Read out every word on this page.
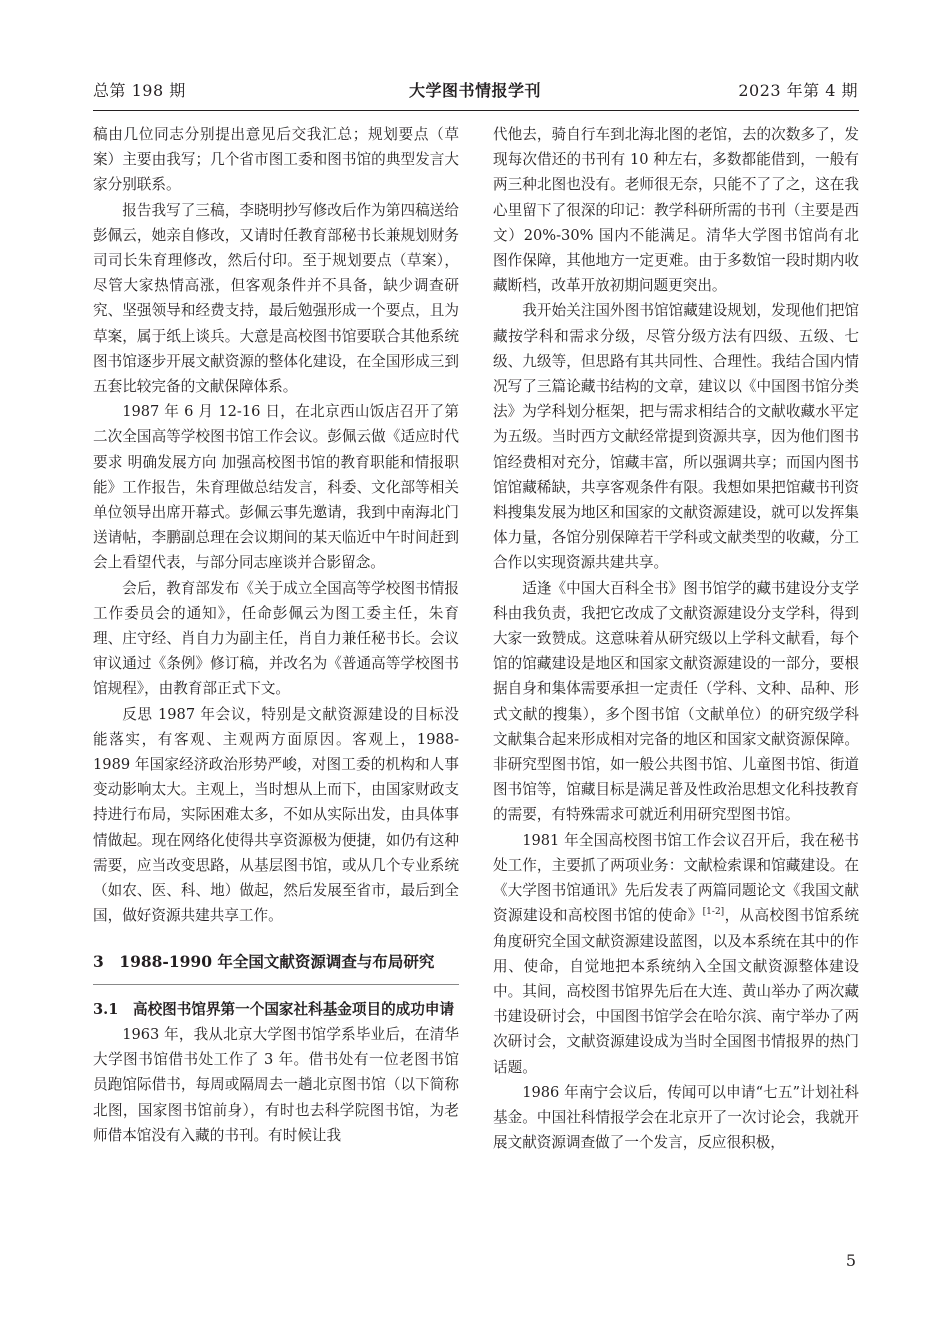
总第 198 期	大学图书情报学刊	2023 年第 4 期

稿由几位同志分别提出意见后交我汇总；规划要点（草案）主要由我写；几个省市图工委和图书馆的典型发言大家分别联系。

报告我写了三稿，李晓明抄写修改后作为第四稿送给彭佩云，她亲自修改，又请时任教育部秘书长兼规划财务司司长朱育理修改，然后付印。至于规划要点（草案），尽管大家热情高涨，但客观条件并不具备，缺少调查研究、坚强领导和经费支持，最后勉强形成一个要点，且为草案，属于纸上谈兵。大意是高校图书馆要联合其他系统图书馆逐步开展文献资源的整体化建设，在全国形成三到五套比较完备的文献保障体系。

1987 年 6 月 12-16 日，在北京西山饭店召开了第二次全国高等学校图书馆工作会议。彭佩云做《适应时代要求 明确发展方向 加强高校图书馆的教育职能和情报职能》工作报告，朱育理做总结发言，科委、文化部等相关单位领导出席开幕式。彭佩云事先邀请，我到中南海北门送请帖，李鹏副总理在会议期间的某天临近中午时间赶到会上看望代表，与部分同志座谈并合影留念。

会后，教育部发布《关于成立全国高等学校图书情报工作委员会的通知》，任命彭佩云为图工委主任，朱育理、庄守经、肖自力为副主任，肖自力兼任秘书长。会议审议通过《条例》修订稿，并改名为《普通高等学校图书馆规程》，由教育部正式下文。

反思 1987 年会议，特别是文献资源建设的目标没能落实，有客观、主观两方面原因。客观上，1988-1989 年国家经济政治形势严峻，对图工委的机构和人事变动影响太大。主观上，当时想从上而下，由国家财政支持进行布局，实际困难太多，不如从实际出发，由具体事情做起。现在网络化使得共享资源极为便捷，如仍有这种需要，应当改变思路，从基层图书馆，或从几个专业系统（如农、医、科、地）做起，然后发展至省市，最后到全国，做好资源共建共享工作。

3　1988-1990 年全国文献资源调查与布局研究
3.1　高校图书馆界第一个国家社科基金项目的成功申请

1963 年，我从北京大学图书馆学系毕业后，在清华大学图书馆借书处工作了 3 年。借书处有一位老图书馆员跑馆际借书，每周或隔周去一趟北京图书馆（以下简称北图，国家图书馆前身），有时也去科学院图书馆，为老师借本馆没有入藏的书刊。有时候让我

代他去，骑自行车到北海北图的老馆，去的次数多了，发现每次借还的书刊有 10 种左右，多数都能借到，一般有两三种北图也没有。老师很无奈，只能不了了之，这在我心里留下了很深的印记：教学科研所需的书刊（主要是西文）20%-30% 国内不能满足。清华大学图书馆尚有北图作保障，其他地方一定更难。由于多数馆一段时期内收藏断档，改革开放初期问题更突出。

我开始关注国外图书馆馆藏建设规划，发现他们把馆藏按学科和需求分级，尽管分级方法有四级、五级、七级、九级等，但思路有其共同性、合理性。我结合国内情况写了三篇论藏书结构的文章，建议以《中国图书馆分类法》为学科划分框架，把与需求相结合的文献收藏水平定为五级。当时西方文献经常提到资源共享，因为他们图书馆经费相对充分，馆藏丰富，所以强调共享；而国内图书馆馆藏稀缺，共享客观条件有限。我想如果把馆藏书刊资料搜集发展为地区和国家的文献资源建设，就可以发挥集体力量，各馆分别保障若干学科或文献类型的收藏，分工合作以实现资源共建共享。

适逢《中国大百科全书》图书馆学的藏书建设分支学科由我负责，我把它改成了文献资源建设分支学科，得到大家一致赞成。这意味着从研究级以上学科文献看，每个馆的馆藏建设是地区和国家文献资源建设的一部分，要根据自身和集体需要承担一定责任（学科、文种、品种、形式文献的搜集），多个图书馆（文献单位）的研究级学科文献集合起来形成相对完备的地区和国家文献资源保障。非研究型图书馆，如一般公共图书馆、儿童图书馆、街道图书馆等，馆藏目标是满足普及性政治思想文化科技教育的需要，有特殊需求可就近利用研究型图书馆。

1981 年全国高校图书馆工作会议召开后，我在秘书处工作，主要抓了两项业务：文献检索课和馆藏建设。在《大学图书馆通讯》先后发表了两篇同题论文《我国文献资源建设和高校图书馆的使命》[1-2]，从高校图书馆系统角度研究全国文献资源建设蓝图，以及本系统在其中的作用、使命，自觉地把本系统纳入全国文献资源整体建设中。其间，高校图书馆界先后在大连、黄山举办了两次藏书建设研讨会，中国图书馆学会在哈尔滨、南宁举办了两次研讨会，文献资源建设成为当时全国图书情报界的热门话题。

1986 年南宁会议后，传闻可以申请“七五”计划社科基金。中国社科情报学会在北京开了一次讨论会，我就开展文献资源调查做了一个发言，反应很积极，

5
